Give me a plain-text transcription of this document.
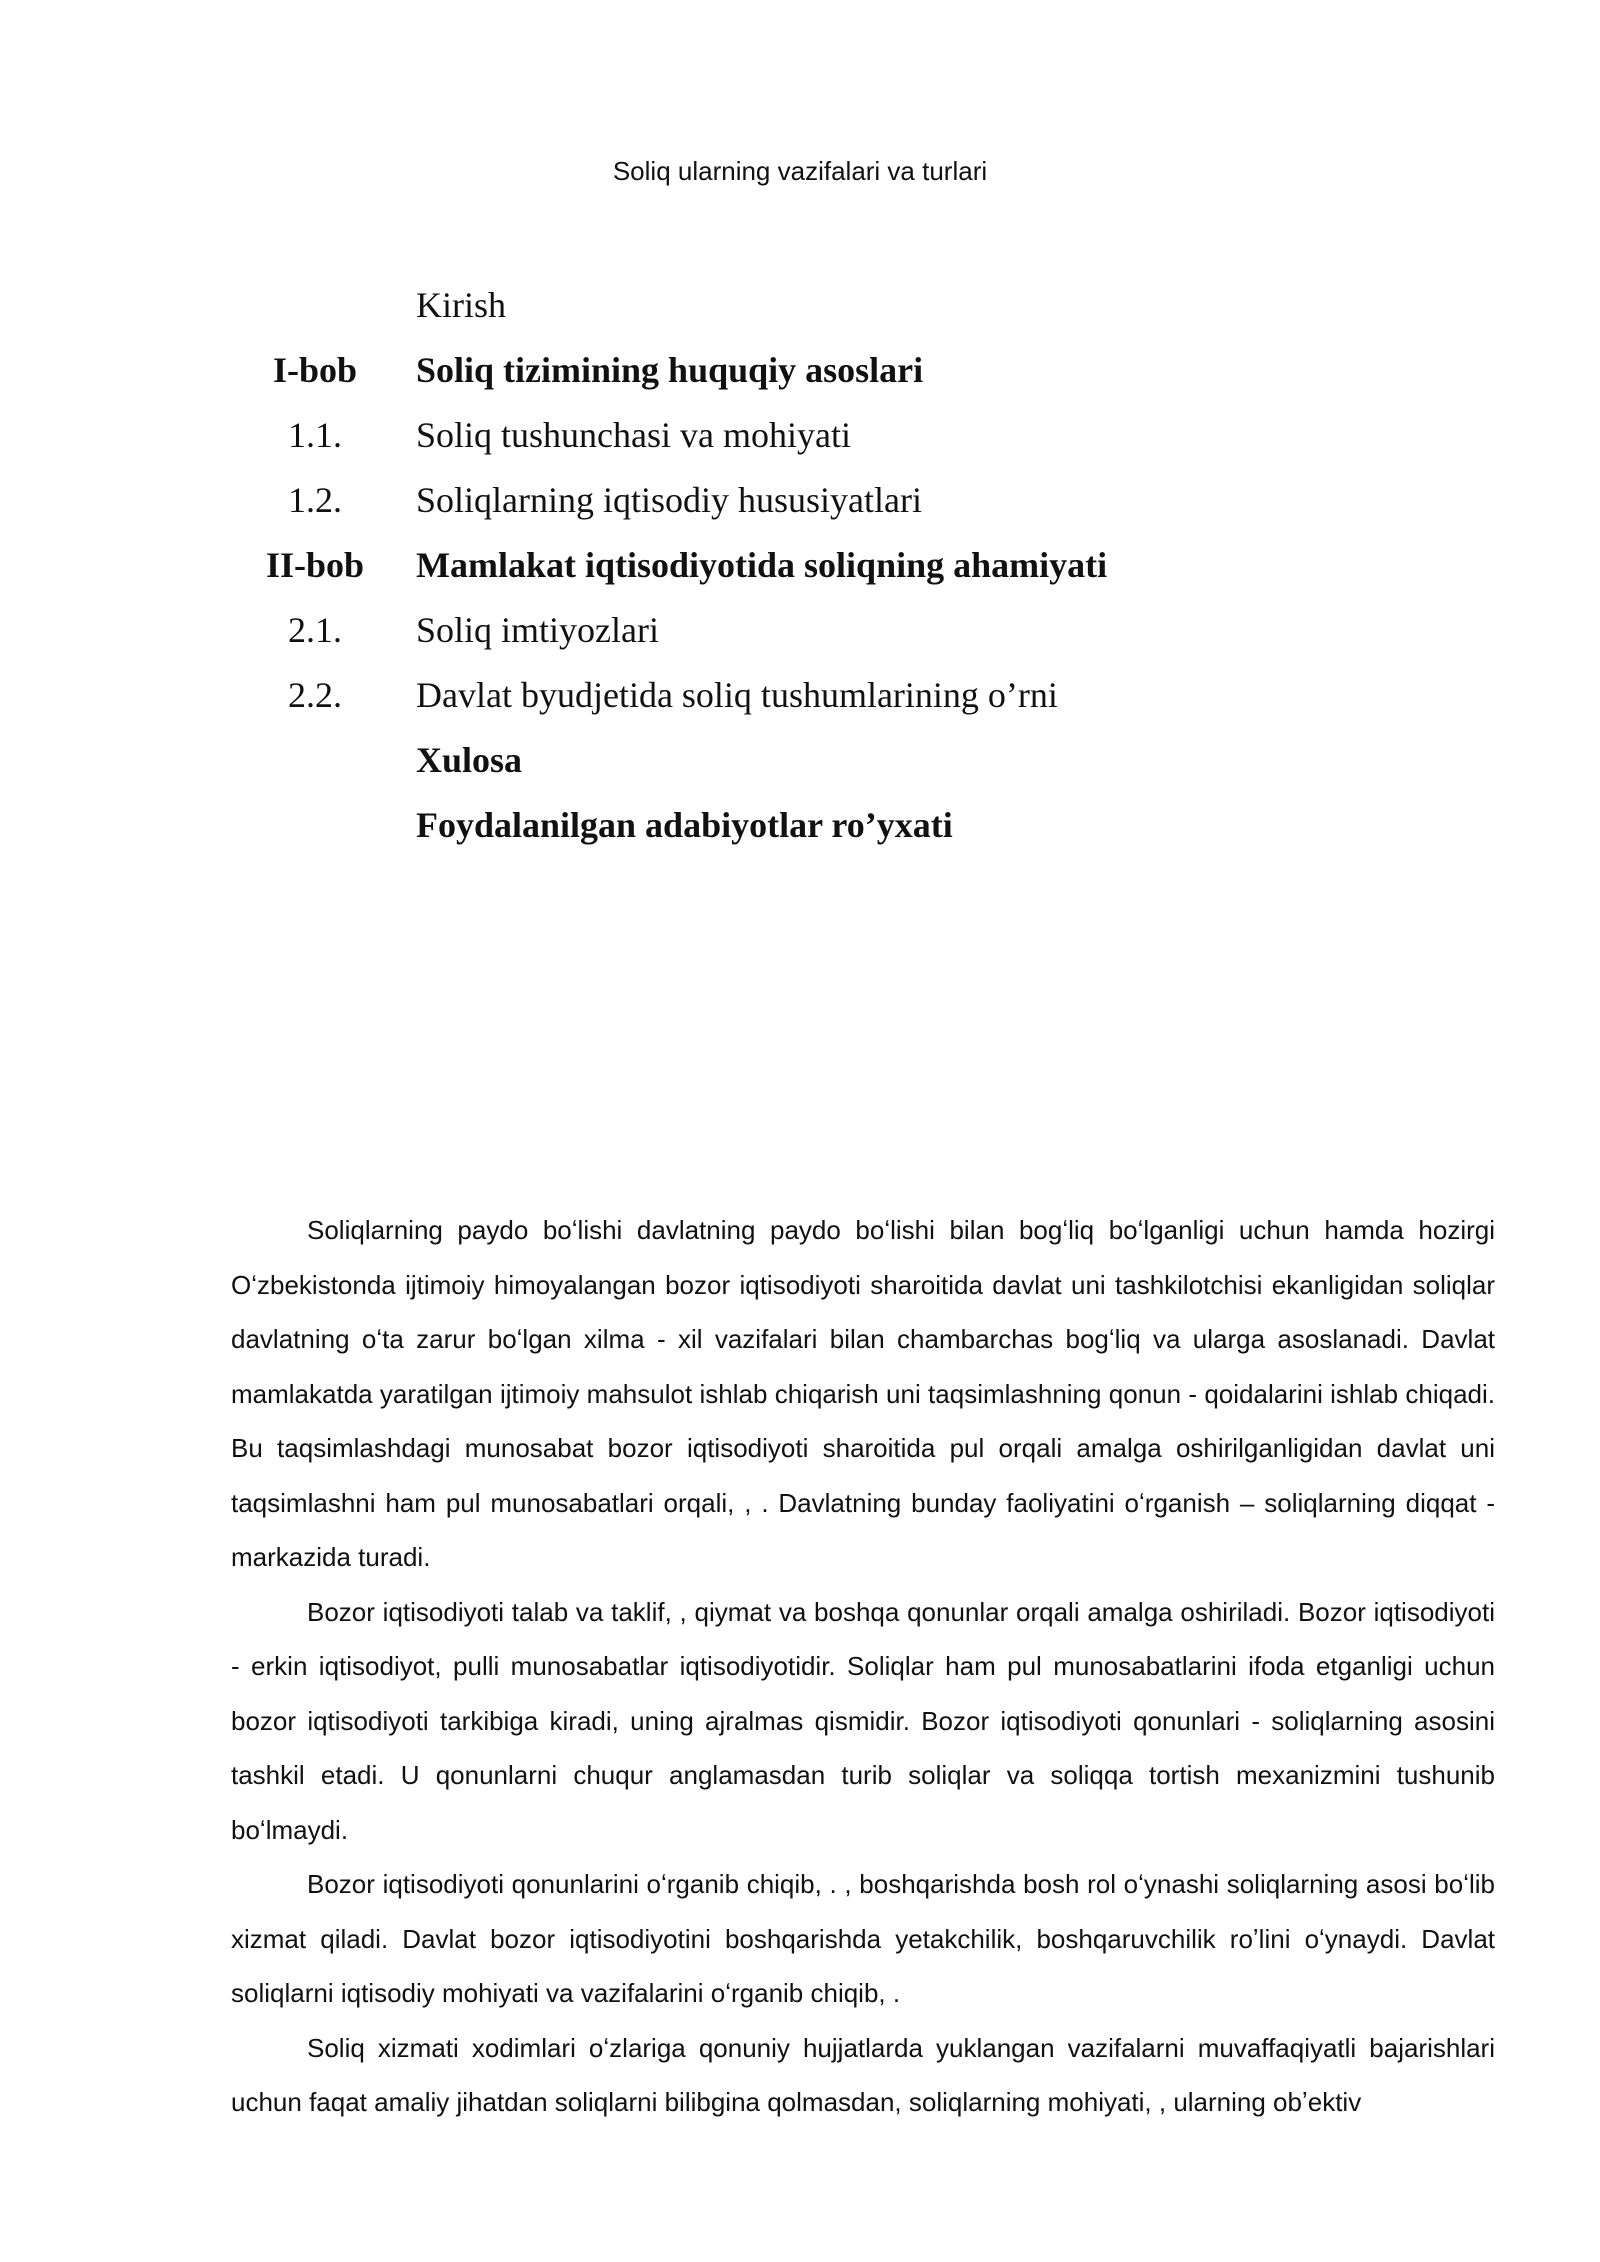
Soliq ularning vazifalari va turlari
Kirish
I-bob	Soliq tizimining huquqiy asoslari
1.1.	Soliq tushunchasi va mohiyati
1.2.	Soliqlarning iqtisodiy hususiyatlari
II-bob	Mamlakat iqtisodiyotida soliqning ahamiyati
2.1.	Soliq imtiyozlari
2.2.	Davlat byudjetida soliq tushumlarining o’rni
Xulosa
Foydalanilgan adabiyotlar ro’yxati

Soliqlarning paydo boʻlishi davlatning paydo boʻlishi bilan bogʻliq boʻlganligi uchun hamda hozirgi Oʻzbekistonda ijtimoiy himoyalangan bozor iqtisodiyoti sharoitida davlat uni tashkilotchisi ekanligidan soliqlar davlatning oʻta zarur boʻlgan xilma - xil vazifalari bilan chambarchas bogʻliq va ularga asoslanadi. Davlat mamlakatda yaratilgan ijtimoiy mahsulot ishlab chiqarish uni taqsimlashning qonun - qoidalarini ishlab chiqadi. Bu taqsimlashdagi munosabat bozor iqtisodiyoti sharoitida pul orqali amalga oshirilganligidan davlat uni taqsimlashni ham pul munosabatlari orqali, , . Davlatning bunday faoliyatini oʻrganish – soliqlarning diqqat - markazida turadi.

Bozor iqtisodiyoti talab va taklif, , qiymat va boshqa qonunlar orqali amalga oshiriladi. Bozor iqtisodiyoti - erkin iqtisodiyot, pulli munosabatlar iqtisodiyotidir. Soliqlar ham pul munosabatlarini ifoda etganligi uchun bozor iqtisodiyoti tarkibiga kiradi, uning ajralmas qismidir. Bozor iqtisodiyoti qonunlari - soliqlarning asosini tashkil etadi. U qonunlarni chuqur anglamasdan turib soliqlar va soliqqa tortish mexanizmini tushunib boʻlmaydi.

Bozor iqtisodiyoti qonunlarini oʻrganib chiqib, . , boshqarishda bosh rol oʻynashi soliqlarning asosi boʻlib xizmat qiladi. Davlat bozor iqtisodiyotini boshqarishda yetakchilik, boshqaruvchilik roʼlini oʻynaydi. Davlat soliqlarni iqtisodiy mohiyati va vazifalarini oʻrganib chiqib, .

Soliq xizmati xodimlari oʻzlariga qonuniy hujjatlarda yuklangan vazifalarni muvaffaqiyatli bajarishlari uchun faqat amaliy jihatdan soliqlarni bilibgina qolmasdan, soliqlarning mohiyati, , ularning obʼektiv
